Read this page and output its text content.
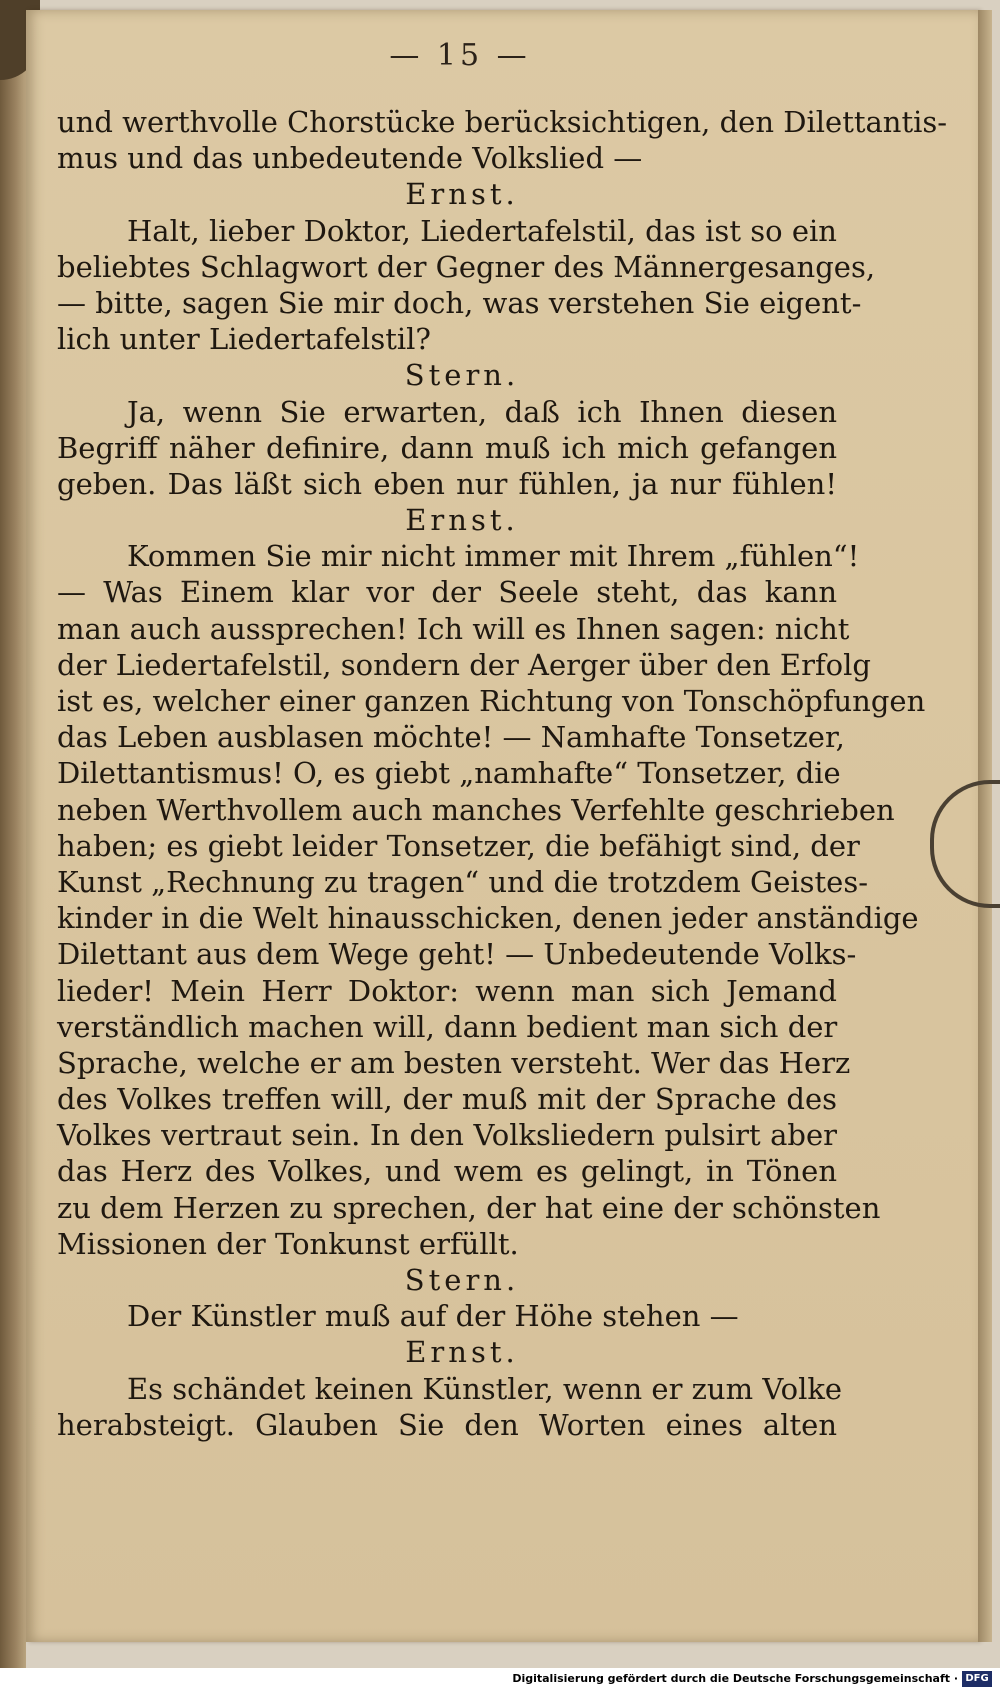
— 15 —
und werthvolle Chorstücke berücksichtigen, den Dilettantis-
mus und das unbedeutende Volkslied —
Ernst.
Halt, lieber Doktor, Liedertafelstil, das ist so ein
beliebtes Schlagwort der Gegner des Männergesanges,
— bitte, sagen Sie mir doch, was verstehen Sie eigent-
lich unter Liedertafelstil?
Stern.
Ja, wenn Sie erwarten, daß ich Ihnen diesen
Begriff näher definire, dann muß ich mich gefangen
geben. Das läßt sich eben nur fühlen, ja nur fühlen!
Ernst.
Kommen Sie mir nicht immer mit Ihrem „fühlen“!
— Was Einem klar vor der Seele steht, das kann
man auch aussprechen! Ich will es Ihnen sagen: nicht
der Liedertafelstil, sondern der Aerger über den Erfolg
ist es, welcher einer ganzen Richtung von Tonschöpfungen
das Leben ausblasen möchte! — Namhafte Tonsetzer,
Dilettantismus! O, es giebt „namhafte“ Tonsetzer, die
neben Werthvollem auch manches Verfehlte geschrieben
haben; es giebt leider Tonsetzer, die befähigt sind, der
Kunst „Rechnung zu tragen“ und die trotzdem Geistes-
kinder in die Welt hinausschicken, denen jeder anständige
Dilettant aus dem Wege geht! — Unbedeutende Volks-
lieder! Mein Herr Doktor: wenn man sich Jemand
verständlich machen will, dann bedient man sich der
Sprache, welche er am besten versteht. Wer das Herz
des Volkes treffen will, der muß mit der Sprache des
Volkes vertraut sein. In den Volksliedern pulsirt aber
das Herz des Volkes, und wem es gelingt, in Tönen
zu dem Herzen zu sprechen, der hat eine der schönsten
Missionen der Tonkunst erfüllt.
Stern.
Der Künstler muß auf der Höhe stehen —
Ernst.
Es schändet keinen Künstler, wenn er zum Volke
herabsteigt. Glauben Sie den Worten eines alten
Digitalisierung gefördert durch die Deutsche Forschungsgemeinschaft · DFG
